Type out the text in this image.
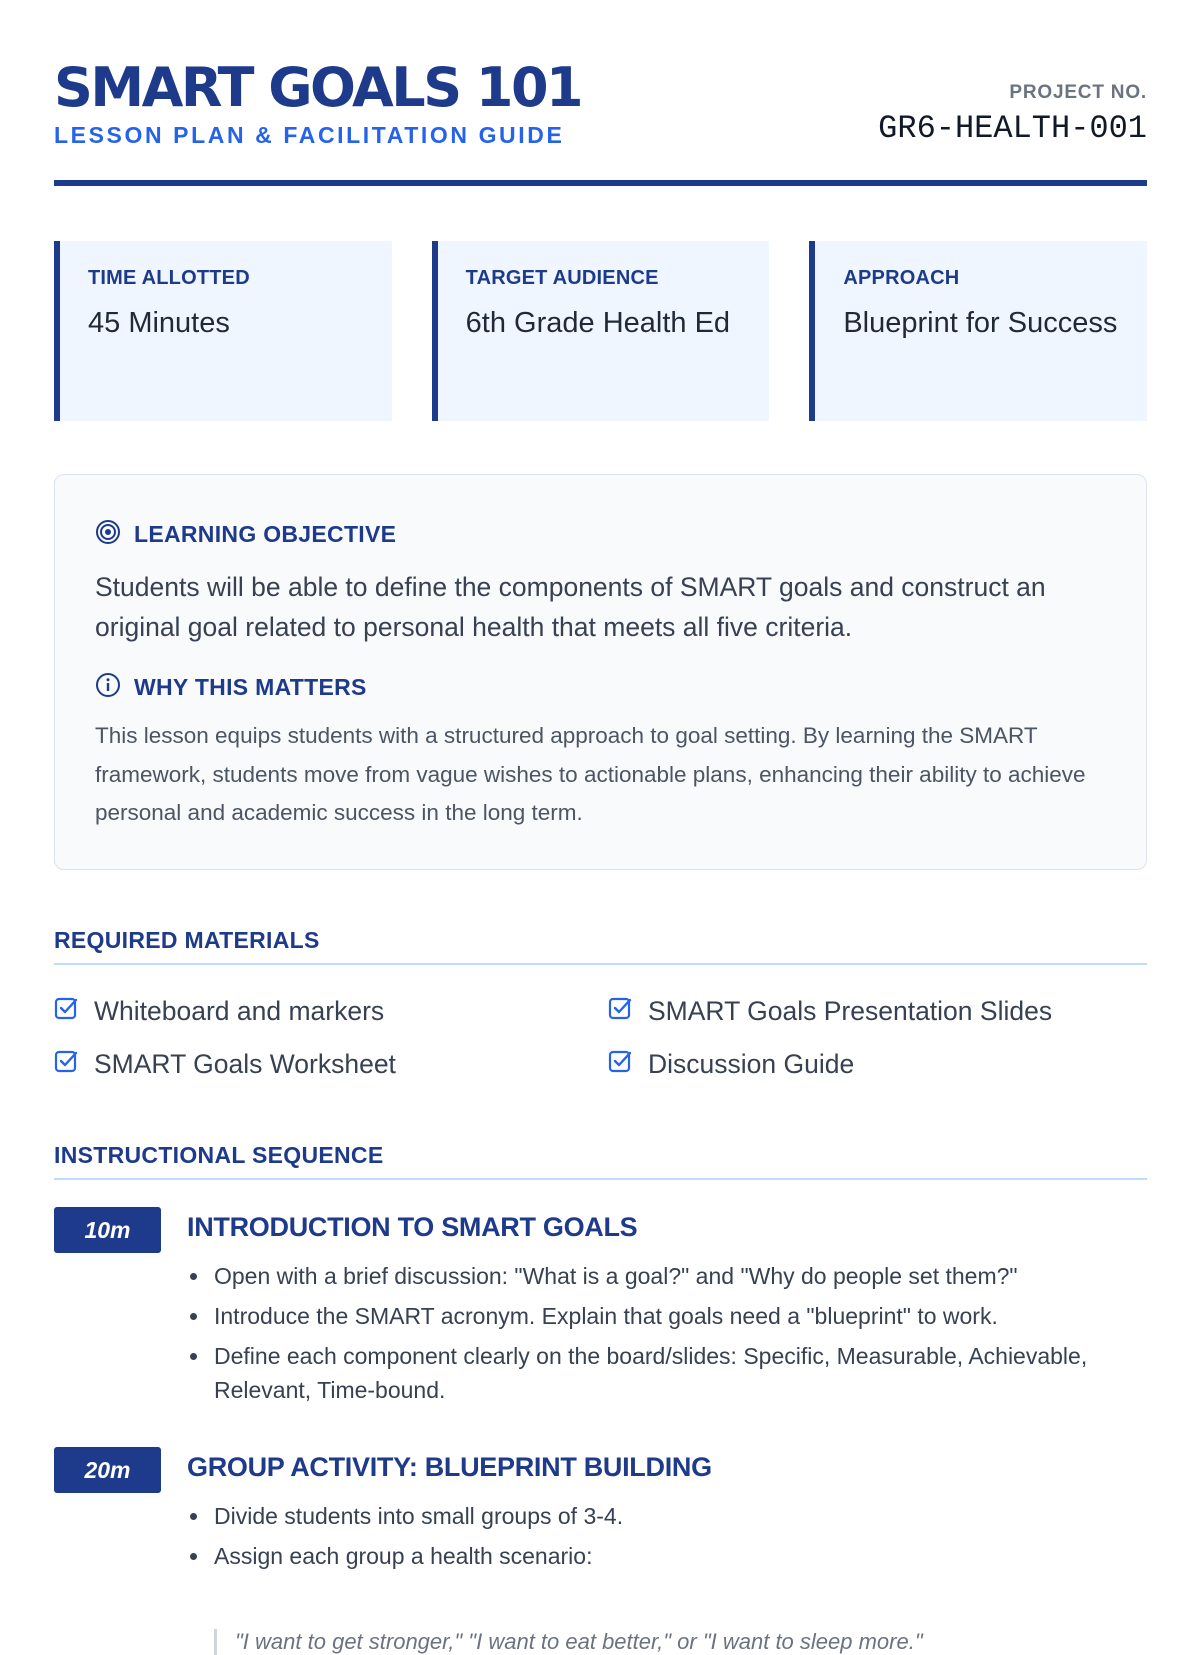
SMART GOALS 101
LESSON PLAN & FACILITATION GUIDE
PROJECT NO.
GR6-HEALTH-001
TIME ALLOTTED
45 Minutes
TARGET AUDIENCE
6th Grade Health Ed
APPROACH
Blueprint for Success
LEARNING OBJECTIVE
Students will be able to define the components of SMART goals and construct an original goal related to personal health that meets all five criteria.
WHY THIS MATTERS
This lesson equips students with a structured approach to goal setting. By learning the SMART framework, students move from vague wishes to actionable plans, enhancing their ability to achieve personal and academic success in the long term.
REQUIRED MATERIALS
Whiteboard and markers	SMART Goals Presentation Slides
SMART Goals Worksheet	Discussion Guide
INSTRUCTIONAL SEQUENCE
10m	INTRODUCTION TO SMART GOALS
Open with a brief discussion: "What is a goal?" and "Why do people set them?"
Introduce the SMART acronym. Explain that goals need a "blueprint" to work.
Define each component clearly on the board/slides: Specific, Measurable, Achievable, Relevant, Time-bound.
20m	GROUP ACTIVITY: BLUEPRINT BUILDING
Divide students into small groups of 3-4.
Assign each group a health scenario:
"I want to get stronger," "I want to eat better," or "I want to sleep more."
